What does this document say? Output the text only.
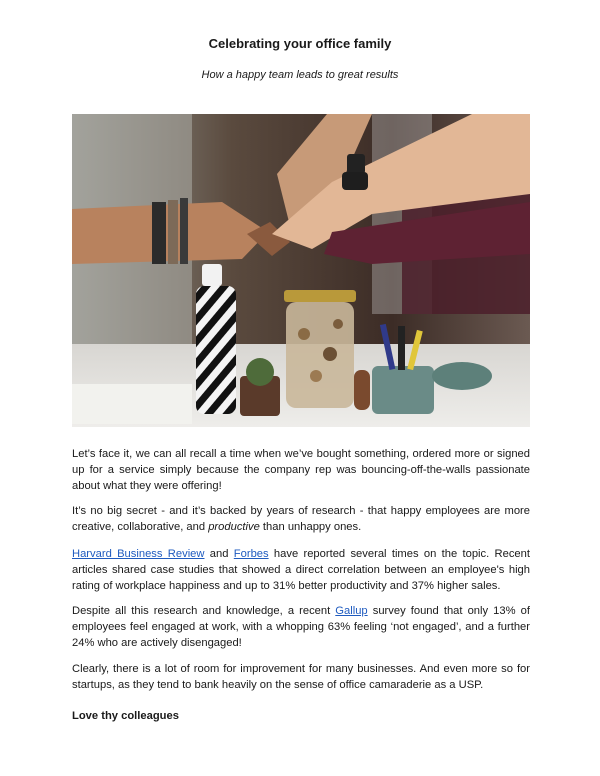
Celebrating your office family

How a happy team leads to great results

Let’s face it, we can all recall a time when we’ve bought something, ordered more or signed up for a service simply because the company rep was bouncing-off-the-walls passionate about what they were offering!

It’s no big secret - and it’s backed by years of research - that happy employees are more creative, collaborative, and productive than unhappy ones.

Harvard Business Review and Forbes have reported several times on the topic. Recent articles shared case studies that showed a direct correlation between an employee's high rating of workplace happiness and up to 31% better productivity and 37% higher sales.

Despite all this research and knowledge, a recent Gallup survey found that only 13% of employees feel engaged at work, with a whopping 63% feeling ‘not engaged’, and a further 24% who are actively disengaged!

Clearly, there is a lot of room for improvement for many businesses. And even more so for startups, as they tend to bank heavily on the sense of office camaraderie as a USP.

Love thy colleagues
